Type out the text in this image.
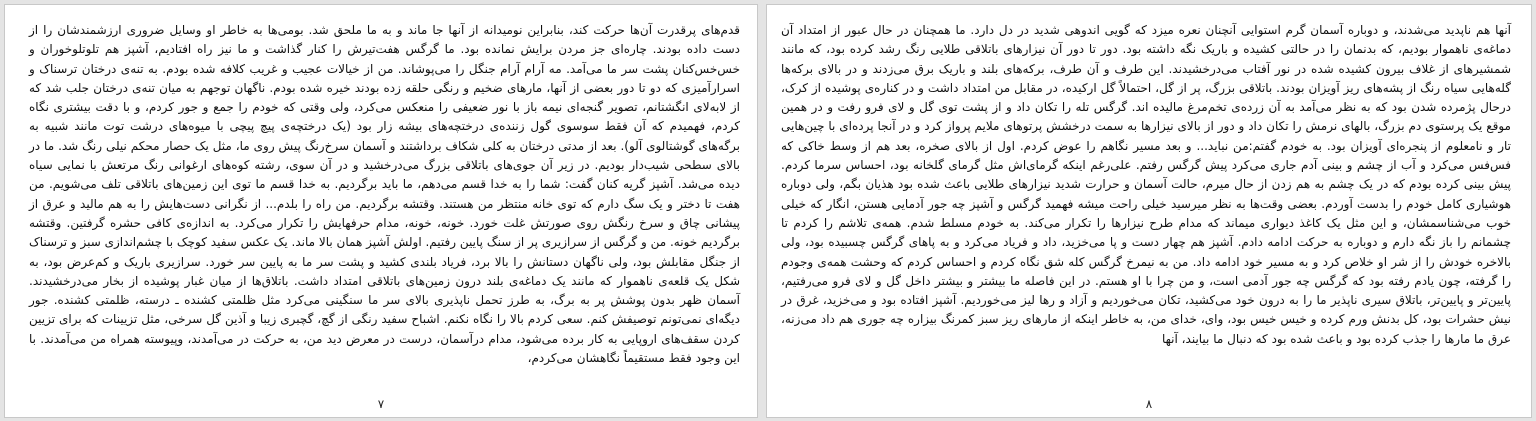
قدم‌های پرقدرت آن‌ها حرکت کند، بنابراین نومیدانه از آنها جا ماند و به ما ملحق شد. بومی‌ها به خاطر او وسایل ضروری ارزشمندشان را از دست داده بودند. چاره‌ای جز مردن برایش نمانده بود. ما گرگس هفت‌تیرش را کنار گذاشت و ما نیز راه افتادیم، آشپز هم تلوتلوخوران و خس‌خس‌کنان پشت سر ما می‌آمد. مه آرام آرام جنگل را می‌پوشاند. من از خیالات عجیب و غریب کلافه شده بودم. به تنه‌ی درختان ترسناک و اسرارآمیزی که دو تا دور بعضی از آنها، مارهای ضخیم و رنگی حلقه زده بودند خیره شده بودم. ناگهان توجهم به میان تنه‌ی درختان جلب شد که از لابه‌لای انگشتانم، تصویر گنجه‌ای نیمه باز با نور ضعیفی را منعکس می‌کرد، ولی وقتی که خودم را جمع و جور کردم، و با دقت بیشتری نگاه کردم، فهمیدم که آن فقط سوسوی گول زننده‌ی درختچه‌های بیشه زار بود (یک درختچه‌ی پیچ پیچی با میوه‌های درشت توت مانند شبیه به برگه‌های گوشتالوی آلو). بعد از مدتی درختان به کلی شکاف برداشتند و آسمان سرخ‌رنگ پیش روی ما، مثل یک حصار محکم نیلی رنگ شد. ما در بالای سطحی شیب‌دار بودیم. در زیر آن جوی‌های باتلاقی بزرگ می‌درخشید و در آن سوی، رشته کوه‌های ارغوانی رنگ مرتعش با نمایی سیاه دیده می‌شد. آشپز گریه کنان گفت: شما را به خدا قسم می‌دهم، ما باید برگردیم. به خدا قسم ما توی این زمین‌های باتلاقی تلف می‌شویم. من هفت تا دختر و یک سگ دارم که توی خانه منتظر من هستند. وقتشه برگردیم. من راه را بلدم... از نگرانی دست‌هایش را به هم مالید و عرق از پیشانی چاق و سرخ رنگش روی صورتش غلت خورد. خونه، خونه، مدام حرفهایش را تکرار می‌کرد. به اندازه‌ی کافی حشره گرفتین. وقتشه برگردیم خونه. من و گرگس از سرازیری پر از سنگ پایین رفتیم. اولش آشپز همان بالا ماند. یک عکس سفید کوچک با چشم‌اندازی سبز و ترسناک از جنگل مقابلش بود، ولی ناگهان دستانش را بالا برد، فریاد بلندی کشید و پشت سر ما به پایین سر خورد. سرازیری باریک و کم‌عرض بود، به شکل یک قلعه‌ی ناهموار که مانند یک دماغه‌ی بلند درون زمین‌های باتلاقی امتداد داشت. باتلاق‌ها از میان غبار پوشیده از بخار می‌درخشیدند. آسمان ظهر بدون پوشش پر به برگ، به طرز تحمل ناپذیری بالای سر ما سنگینی می‌کرد مثل ظلمتی کشنده ـ درسته، ظلمتی کشنده. جور دیگه‌ای نمی‌تونم توصیفش کنم. سعی کردم بالا را نگاه نکنم. اشباح سفید رنگی از گچ، گچبری زیبا و آذین گل سرخی، مثل تزیینات که برای تزیین کردن سقف‌های اروپایی به کار برده می‌شود، مدام درآسمان، درست در معرض دید من، به حرکت در می‌آمدند، وپیوسته همراه من می‌آمدند. با این وجود فقط مستقیماً نگاهشان می‌کردم،

۷

آنها هم ناپدید می‌شدند، و دوباره آسمان گرم استوایی آنچنان نعره میزد که گویی اندوهی شدید در دل دارد. ما همچنان در حال عبور از امتداد آن دماغه‌ی ناهموار بودیم، که بدنمان را در حالتی کشیده و باریک نگه داشته بود. دور تا دور آن نیزارهای باتلاقی طلایی رنگ رشد کرده بود، که مانند شمشیرهای از غلاف بیرون کشیده شده در نور آفتاب می‌درخشیدند. این طرف و آن طرف، برکه‌های بلند و باریک برق می‌زدند و در بالای برکه‌ها گله‌هایی سیاه رنگ از پشه‌های ریز آویزان بودند. باتلاقی بزرگ، پر از گل، احتمالاً گل ارکیده، در مقابل من امتداد داشت و در کناره‌ی پوشیده از کرک، درحال پژمرده شدن بود که به نظر می‌آمد به آن زرده‌ی تخم‌مرغ مالیده اند. گرگس تله را تکان داد و از پشت توی گل و لای فرو رفت و در همین موقع یک پرستوی دم بزرگ، بالهای نرمش را تکان داد و دور از بالای نیزارها به سمت درخشش پرتوهای ملایم پرواز کرد و در آنجا پرده‌ای با چین‌هایی تار و نامعلوم از پنجره‌ای آویزان بود. به خودم گفتم:من نباید... و بعد مسیر نگاهم را عوض کردم. اول از بالای صخره، بعد هم از وسط خاکی که فس‌فس می‌کرد و آب از چشم و بینی آدم جاری می‌کرد پیش گرگس رفتم. علی‌رغم اینکه گرمای‌اش مثل گرمای گلخانه بود، احساس سرما کردم. پیش بینی کرده بودم که در یک چشم به هم زدن از حال میرم، حالت آسمان و حرارت شدید نیزارهای طلایی باعث شده بود هذیان بگم، ولی دوباره هوشیاری کامل خودم را بدست آوردم. بعضی وقت‌ها به نظر میرسید خیلی راحت میشه فهمید گرگس و آشپز چه جور آدمایی هستن، انگار که خیلی خوب می‌شناسمشان، و این مثل یک کاغذ دیواری میماند که مدام طرح نیزارها را تکرار می‌کند. به خودم مسلط شدم. همه‌ی تلاشم را کردم تا چشمانم را باز نگه دارم و دوباره به حرکت ادامه دادم. آشپز هم چهار دست و پا می‌خزید، داد و فریاد می‌کرد و به پاهای گرگس چسبیده بود، ولی بالاخره خودش را از شر او خلاص کرد و به مسیر خود ادامه داد. من به نیمرخ گرگس کله شق نگاه کردم و احساس کردم که وحشت همه‌ی وجودم را گرفته، چون یادم رفته بود که گرگس چه جور آدمی است، و من چرا با او هستم. در این فاصله ما بیشتر و بیشتر داخل گل و لای فرو می‌رفتیم، پایین‌تر و پایین‌تر، باتلاق سیری ناپذیر ما را به درون خود می‌کشید، تکان می‌خوردیم و آزاد و رها لیز می‌خوردیم. آشپز افتاده بود و می‌خزید، غرق در نیش حشرات بود، کل بدنش ورم کرده و خیس خیس بود، وای، خدای من، به خاطر اینکه از مارهای ریز سبز کمرنگ بیزاره چه جوری هم داد می‌زنه، عرق ما مارها را جذب کرده بود و باعث شده بود که دنبال ما بیایند، آنها

۸
